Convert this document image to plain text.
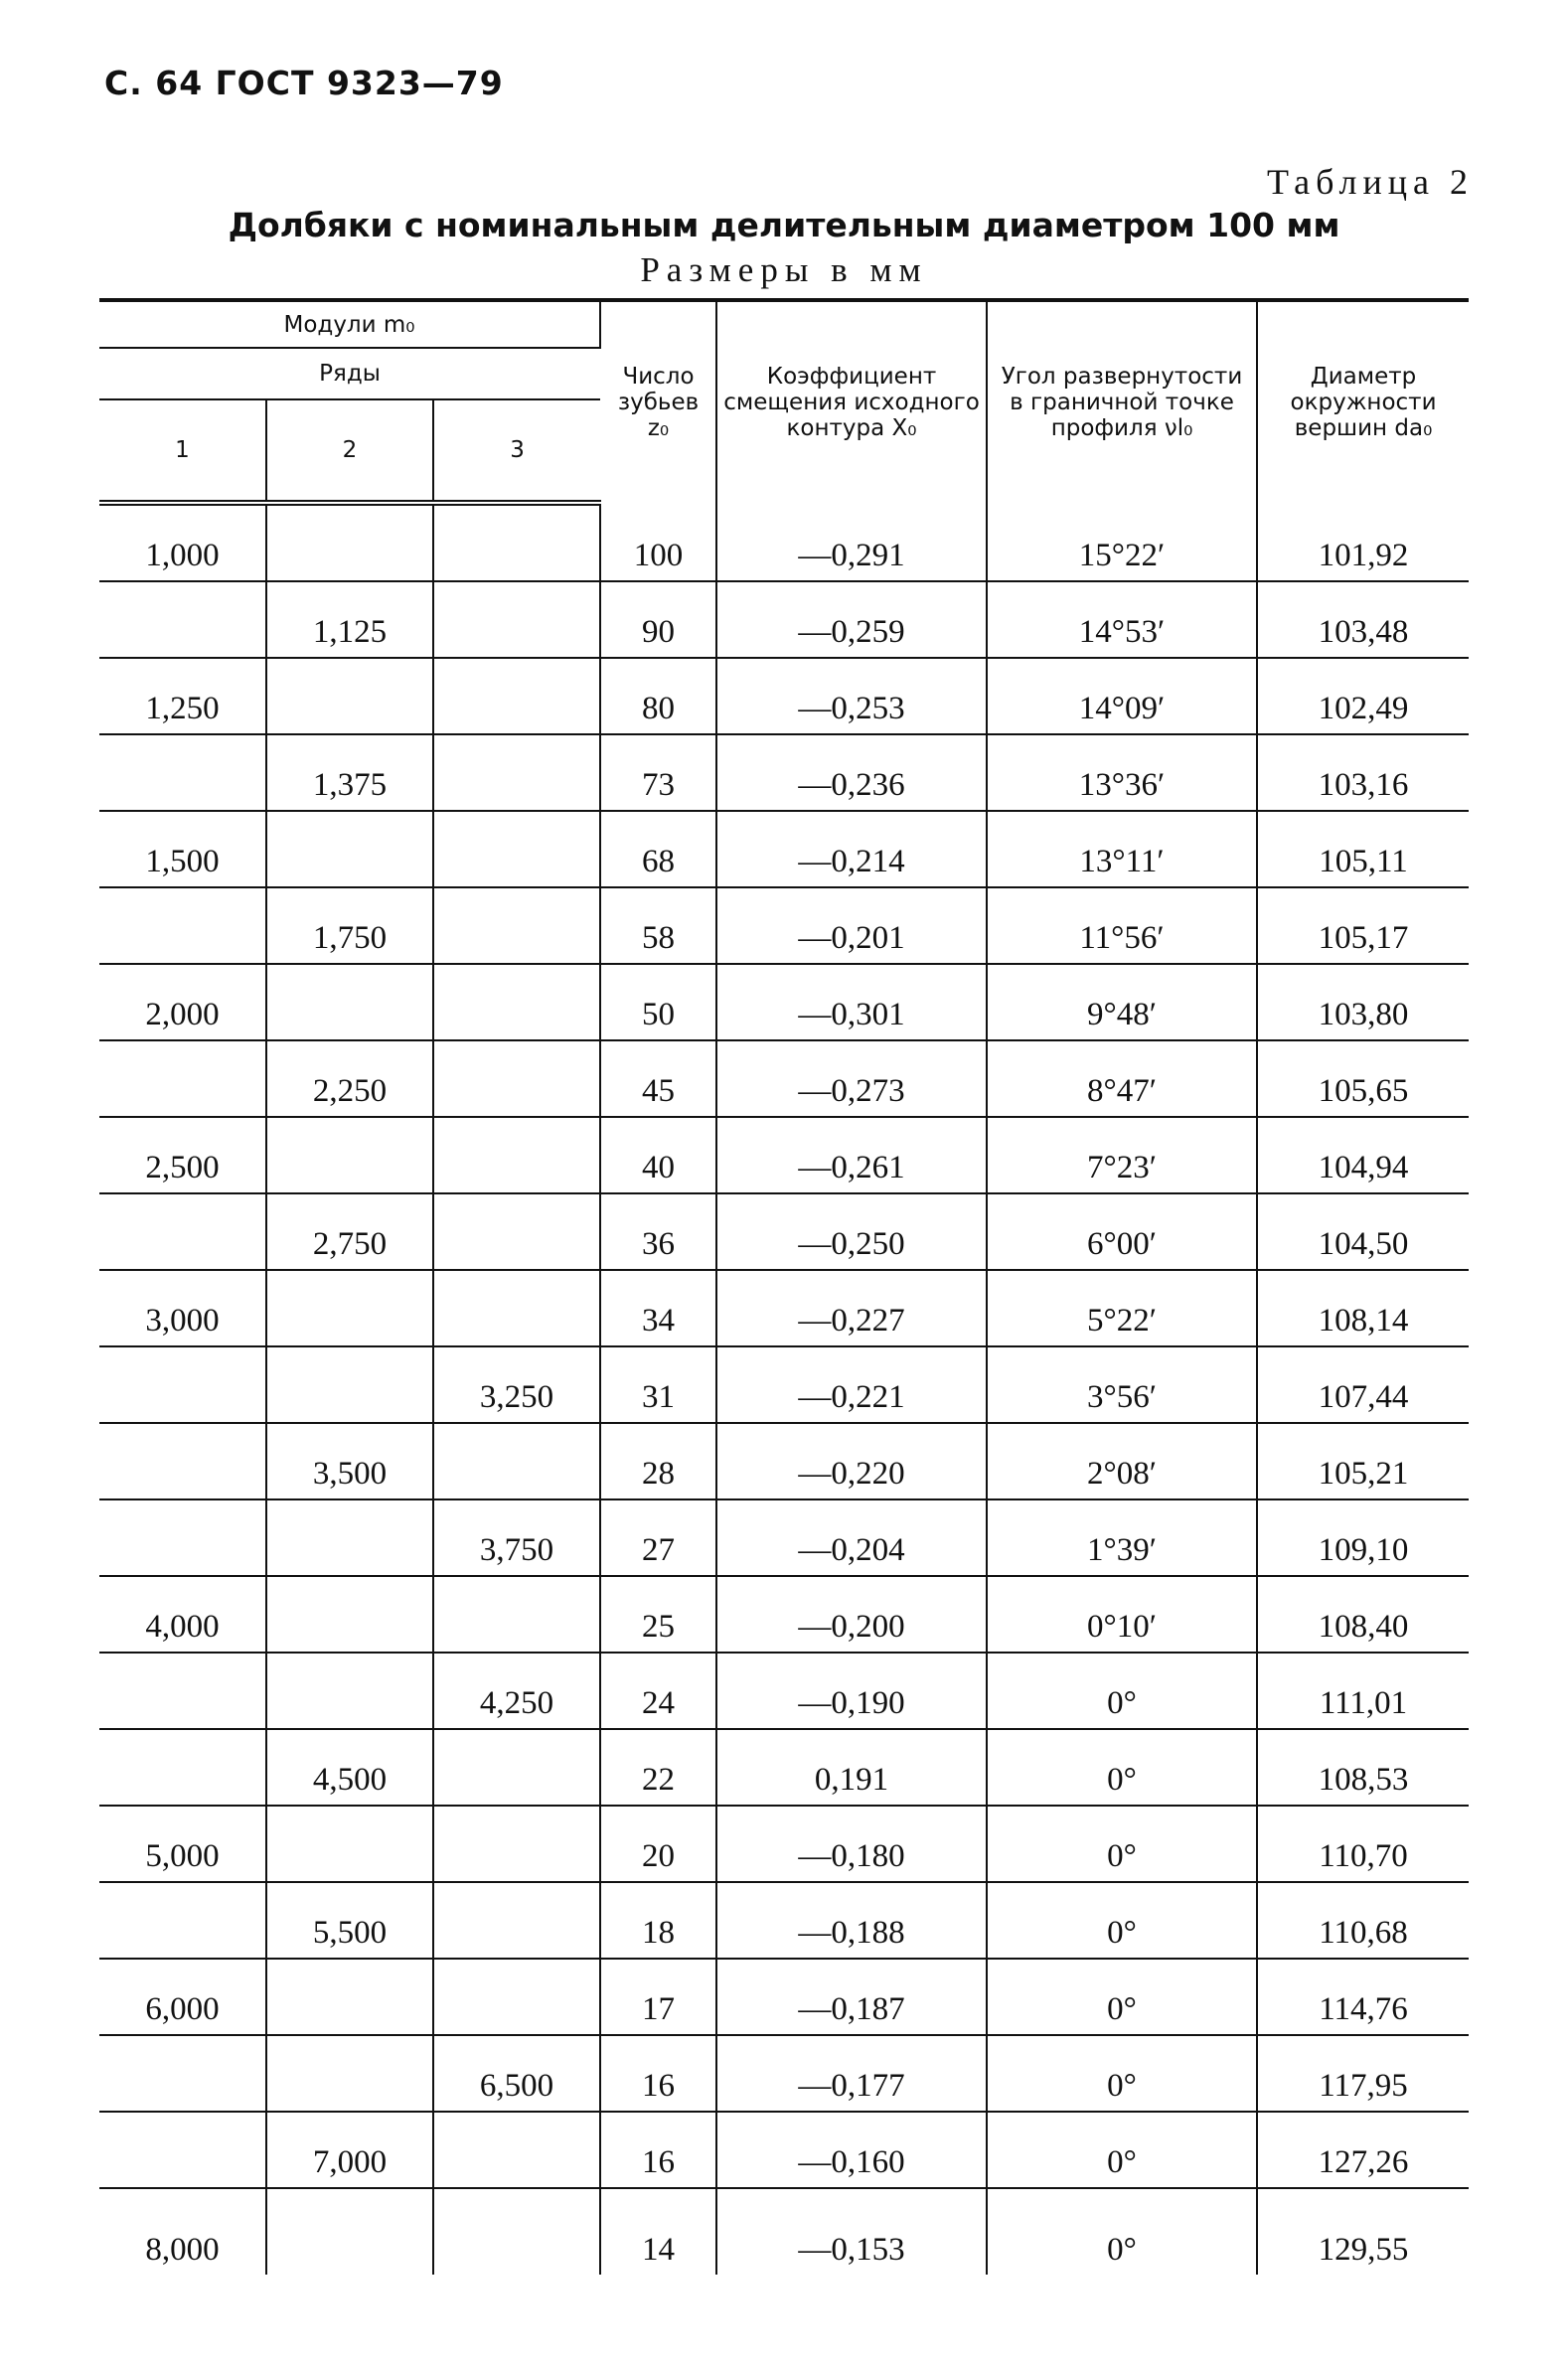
С. 64 ГОСТ 9323—79
Таблица 2
Долбяки с номинальным делительным диаметром 100 мм
Размеры в мм
Модули m₀			Число зубьев z₀	Коэффициент смещения исходного контура X₀	Угол развернутости в граничной точке профиля νl₀	Диаметр окружности вершин da₀
Ряды						
1	2	3				
1,000			100	—0,291	15°22′	101,92
	1,125		90	—0,259	14°53′	103,48
1,250			80	—0,253	14°09′	102,49
	1,375		73	—0,236	13°36′	103,16
1,500			68	—0,214	13°11′	105,11
	1,750		58	—0,201	11°56′	105,17
2,000			50	—0,301	9°48′	103,80
	2,250		45	—0,273	8°47′	105,65
2,500			40	—0,261	7°23′	104,94
	2,750		36	—0,250	6°00′	104,50
3,000			34	—0,227	5°22′	108,14
		3,250	31	—0,221	3°56′	107,44
	3,500		28	—0,220	2°08′	105,21
		3,750	27	—0,204	1°39′	109,10
4,000			25	—0,200	0°10′	108,40
		4,250	24	—0,190	0°	111,01
	4,500		22	0,191	0°	108,53
5,000			20	—0,180	0°	110,70
	5,500		18	—0,188	0°	110,68
6,000			17	—0,187	0°	114,76
		6,500	16	—0,177	0°	117,95
	7,000		16	—0,160	0°	127,26
8,000			14	—0,153	0°	129,55
